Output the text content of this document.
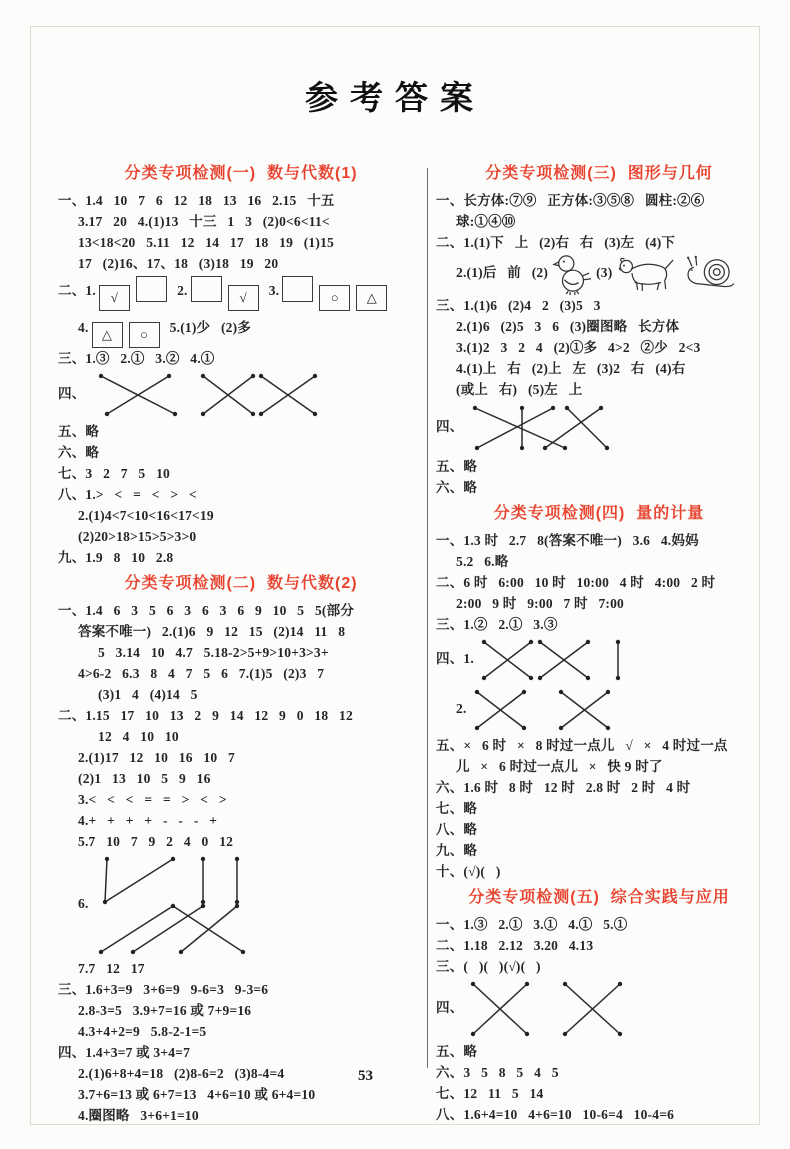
参考答案
分类专项检测(一)  数与代数(1)
一、1.4   10   7   6   12   18   13   16   2.15   十五
3.17   20   4.(1)13   十三   1   3   (2)0<6<11<
13<18<20   5.11   12   14   17   18   19   (1)15
17   (2)16、17、18   (3)18   19   20
二、1. √	2.	√  3.	○ △
4. △ ○  5.(1)少   (2)多
三、1.③   2.①   3.②   4.①
四、
五、略
六、略
七、3   2   7   5   10
八、1.>   <   =   <   >   <
2.(1)4<7<10<16<17<19
(2)20>18>15>5>3>0
九、1.9   8   10   2.8
分类专项检测(二)  数与代数(2)
一、1.4   6   3   5   6   3   6   3   6   9   10   5   5(部分
答案不唯一)   2.(1)6   9   12   15   (2)14   11   8
5   3.14   10   4.7   5.18-2>5+9>10+3>3+
4>6-2   6.3   8   4   7   5   6   7.(1)5   (2)3   7
(3)1   4   (4)14   5
二、1.15   17   10   13   2   9   14   12   9   0   18   12
12   4   10   10
2.(1)17   12   10   16   10   7
(2)1   13   10   5   9   16
3.<   <   <   =   =   >   <   >
4.+   +   +   +   -   -   -   +
5.7   10   7   9   2   4   0   12
6.
7.7   12   17
三、1.6+3=9   3+6=9   9-6=3   9-3=6
2.8-3=5   3.9+7=16 或 7+9=16
4.3+4+2=9   5.8-2-1=5
四、1.4+3=7 或 3+4=7
2.(1)6+8+4=18   (2)8-6=2   (3)8-4=4
3.7+6=13 或 6+7=13   4+6=10 或 6+4=10
4.圈图略   3+6+1=10
分类专项检测(三)  图形与几何
一、长方体:⑦⑨   正方体:③⑤⑧   圆柱:②⑥
球:①④⑩
二、1.(1)下   上   (2)右   右   (3)左   (4)下
2.(1)后   前   (2)	(3)
三、1.(1)6   (2)4   2   (3)5   3
2.(1)6   (2)5   3   6   (3)圈图略   长方体
3.(1)2   3   2   4   (2)①多   4>2   ②少   2<3
4.(1)上   右   (2)上   左   (3)2   右   (4)右
(或上   右)   (5)左   上
四、
五、略
六、略
分类专项检测(四)  量的计量
一、1.3 时   2.7   8(答案不唯一)   3.6   4.妈妈
5.2   6.略
二、6 时   6:00   10 时   10:00   4 时   4:00   2 时
2:00   9 时   9:00   7 时   7:00
三、1.②   2.①   3.③
四、1.
2.
五、×   6 时   ×   8 时过一点儿   √   ×   4 时过一点
儿   ×   6 时过一点儿   ×   快 9 时了
六、1.6 时   8 时   12 时   2.8 时   2 时   4 时
七、略
八、略
九、略
十、(√)(   )
分类专项检测(五)  综合实践与应用
一、1.③   2.①   3.①   4.①   5.①
二、1.18   2.12   3.20   4.13
三、(   )(   )(√)(   )
四、
五、略
六、3   5   8   5   4   5
七、12   11   5   14
八、1.6+4=10   4+6=10   10-6=4   10-4=6
53
